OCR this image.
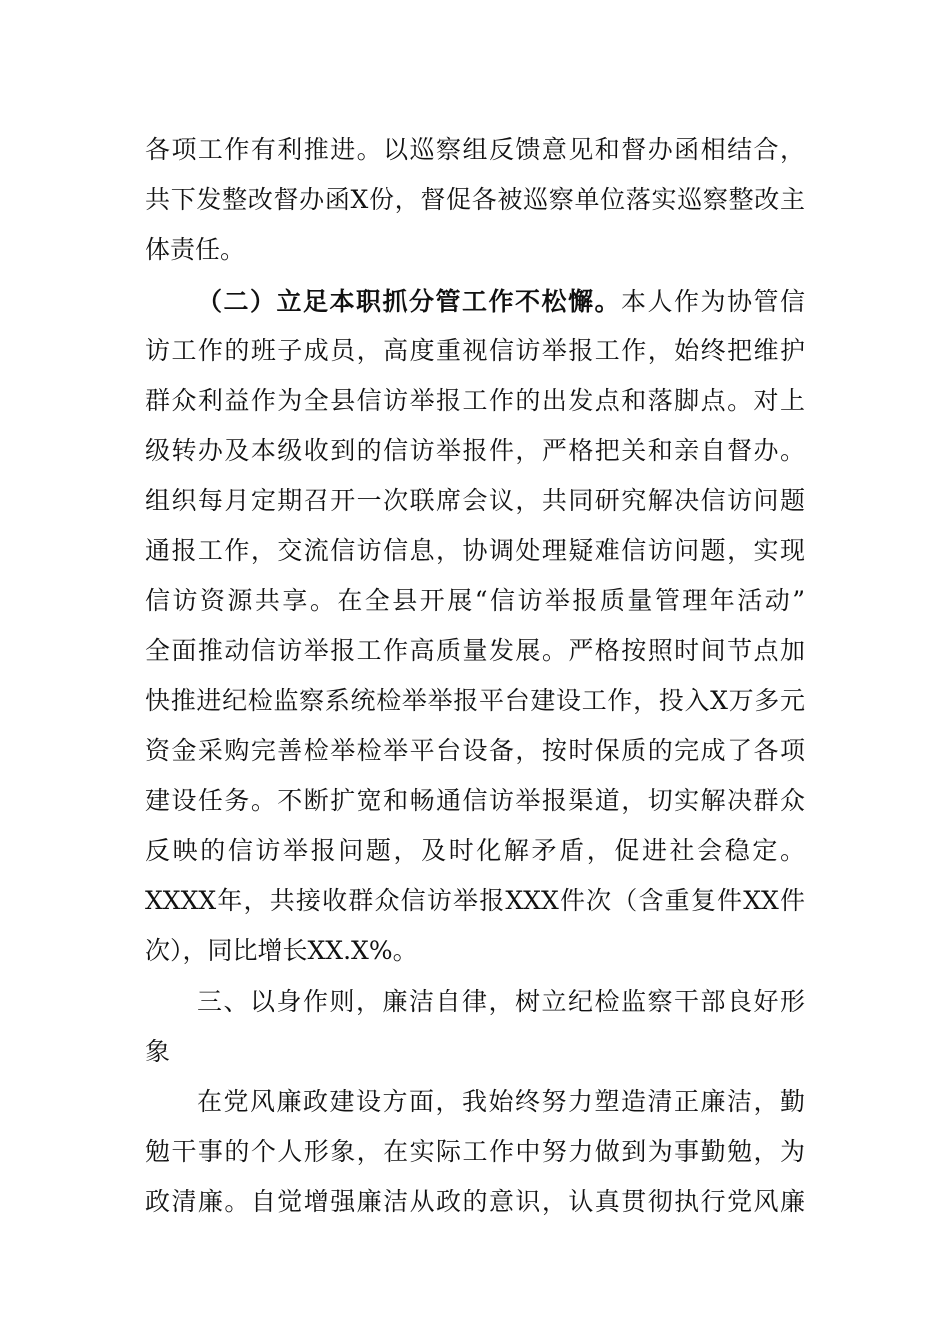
各项工作有利推进。以巡察组反馈意见和督办函相结合，
共下发整改督办函X份，督促各被巡察单位落实巡察整改主
体责任。
（二）立足本职抓分管工作不松懈。本人作为协管信
访工作的班子成员，高度重视信访举报工作，始终把维护
群众利益作为全县信访举报工作的出发点和落脚点。对上
级转办及本级收到的信访举报件，严格把关和亲自督办。
组织每月定期召开一次联席会议，共同研究解决信访问题
通报工作，交流信访信息，协调处理疑难信访问题，实现
信访资源共享。在全县开展“信访举报质量管理年活动”
全面推动信访举报工作高质量发展。严格按照时间节点加
快推进纪检监察系统检举举报平台建设工作，投入X万多元
资金采购完善检举检举平台设备，按时保质的完成了各项
建设任务。不断扩宽和畅通信访举报渠道，切实解决群众
反映的信访举报问题，及时化解矛盾，促进社会稳定。
XXXX年，共接收群众信访举报XXX件次（含重复件XX件
次），同比增长XX.X%。
三、以身作则，廉洁自律，树立纪检监察干部良好形
象
在党风廉政建设方面，我始终努力塑造清正廉洁，勤
勉干事的个人形象，在实际工作中努力做到为事勤勉，为
政清廉。自觉增强廉洁从政的意识，认真贯彻执行党风廉
